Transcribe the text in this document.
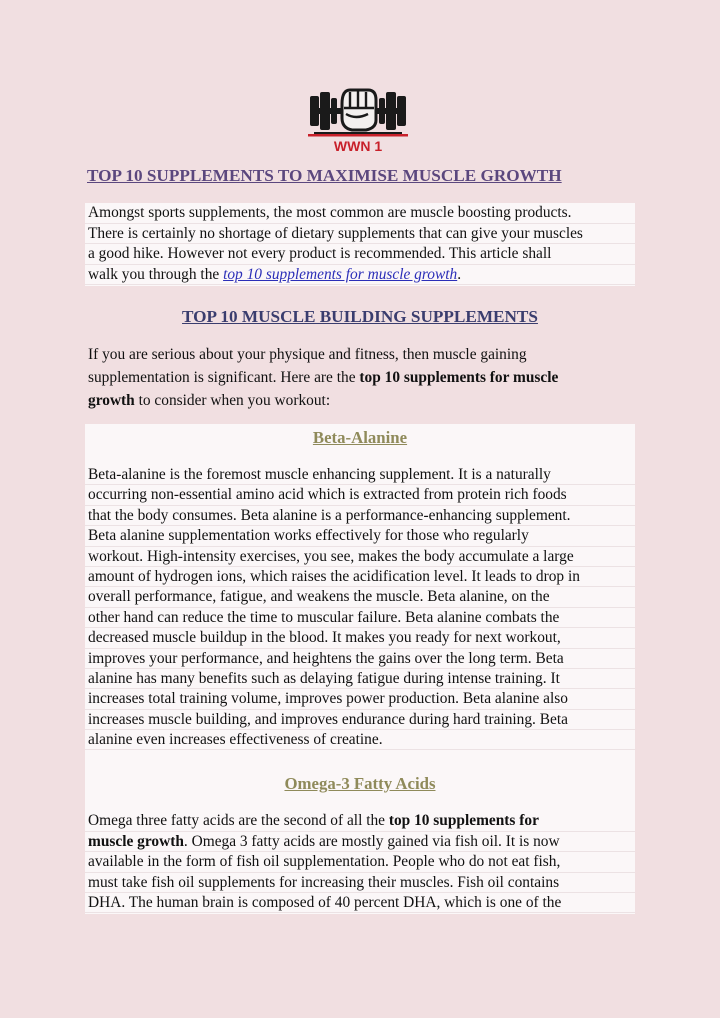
WWN 1
TOP 10 SUPPLEMENTS TO MAXIMISE MUSCLE GROWTH
Amongst sports supplements, the most common are muscle boosting products.
There is certainly no shortage of dietary supplements that can give your muscles
a good hike. However not every product is recommended. This article shall
walk you through the top 10 supplements for muscle growth.
TOP 10 MUSCLE BUILDING SUPPLEMENTS
If you are serious about your physique and fitness, then muscle gaining
supplementation is significant. Here are the top 10 supplements for muscle
growth to consider when you workout:
Beta-Alanine
Beta-alanine is the foremost muscle enhancing supplement. It is a naturally
occurring non-essential amino acid which is extracted from protein rich foods
that the body consumes. Beta alanine is a performance-enhancing supplement.
Beta alanine supplementation works effectively for those who regularly
workout. High-intensity exercises, you see, makes the body accumulate a large
amount of hydrogen ions, which raises the acidification level. It leads to drop in
overall performance, fatigue, and weakens the muscle. Beta alanine, on the
other hand can reduce the time to muscular failure. Beta alanine combats the
decreased muscle buildup in the blood. It makes you ready for next workout,
improves your performance, and heightens the gains over the long term. Beta
alanine has many benefits such as delaying fatigue during intense training. It
increases total training volume, improves power production. Beta alanine also
increases muscle building, and improves endurance during hard training. Beta
alanine even increases effectiveness of creatine.
Omega-3 Fatty Acids
Omega three fatty acids are the second of all the top 10 supplements for
muscle growth. Omega 3 fatty acids are mostly gained via fish oil. It is now
available in the form of fish oil supplementation. People who do not eat fish,
must take fish oil supplements for increasing their muscles. Fish oil contains
DHA. The human brain is composed of 40 percent DHA, which is one of the
